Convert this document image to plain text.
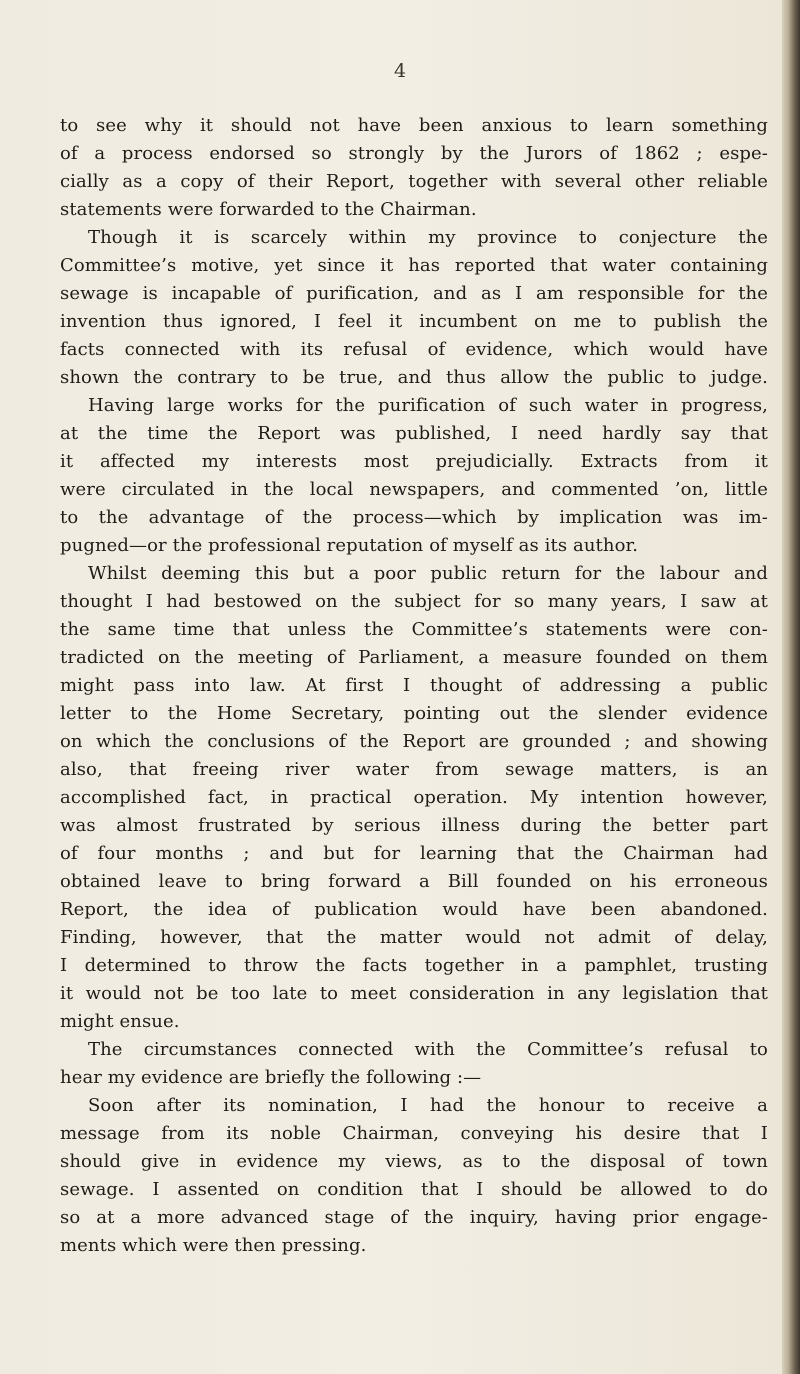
4
to see why it should not have been anxious to learn something
of a process endorsed so strongly by the Jurors of 1862 ; espe-
cially as a copy of their Report, together with several other reliable
statements were forwarded to the Chairman.
Though it is scarcely within my province to conjecture the
Committee’s motive, yet since it has reported that water containing
sewage is incapable of purification, and as I am responsible for the
invention thus ignored, I feel it incumbent on me to publish the
facts connected with its refusal of evidence, which would have
shown the contrary to be true, and thus allow the public to judge.
Having large works for the purification of such water in progress,
at the time the Report was published, I need hardly say that
it affected my interests most prejudicially. Extracts from it
were circulated in the local newspapers, and commented ’on, little
to the advantage of the process—which by implication was im-
pugned—or the professional reputation of myself as its author.
Whilst deeming this but a poor public return for the labour and
thought I had bestowed on the subject for so many years, I saw at
the same time that unless the Committee’s statements were con-
tradicted on the meeting of Parliament, a measure founded on them
might pass into law. At first I thought of addressing a public
letter to the Home Secretary, pointing out the slender evidence
on which the conclusions of the Report are grounded ; and showing
also, that freeing river water from sewage matters, is an
accomplished fact, in practical operation. My intention however,
was almost frustrated by serious illness during the better part
of four months ; and but for learning that the Chairman had
obtained leave to bring forward a Bill founded on his erroneous
Report, the idea of publication would have been abandoned.
Finding, however, that the matter would not admit of delay,
I determined to throw the facts together in a pamphlet, trusting
it would not be too late to meet consideration in any legislation that
might ensue.
The circumstances connected with the Committee’s refusal to
hear my evidence are briefly the following :—
Soon after its nomination, I had the honour to receive a
message from its noble Chairman, conveying his desire that I
should give in evidence my views, as to the disposal of town
sewage. I assented on condition that I should be allowed to do
so at a more advanced stage of the inquiry, having prior engage-
ments which were then pressing.
